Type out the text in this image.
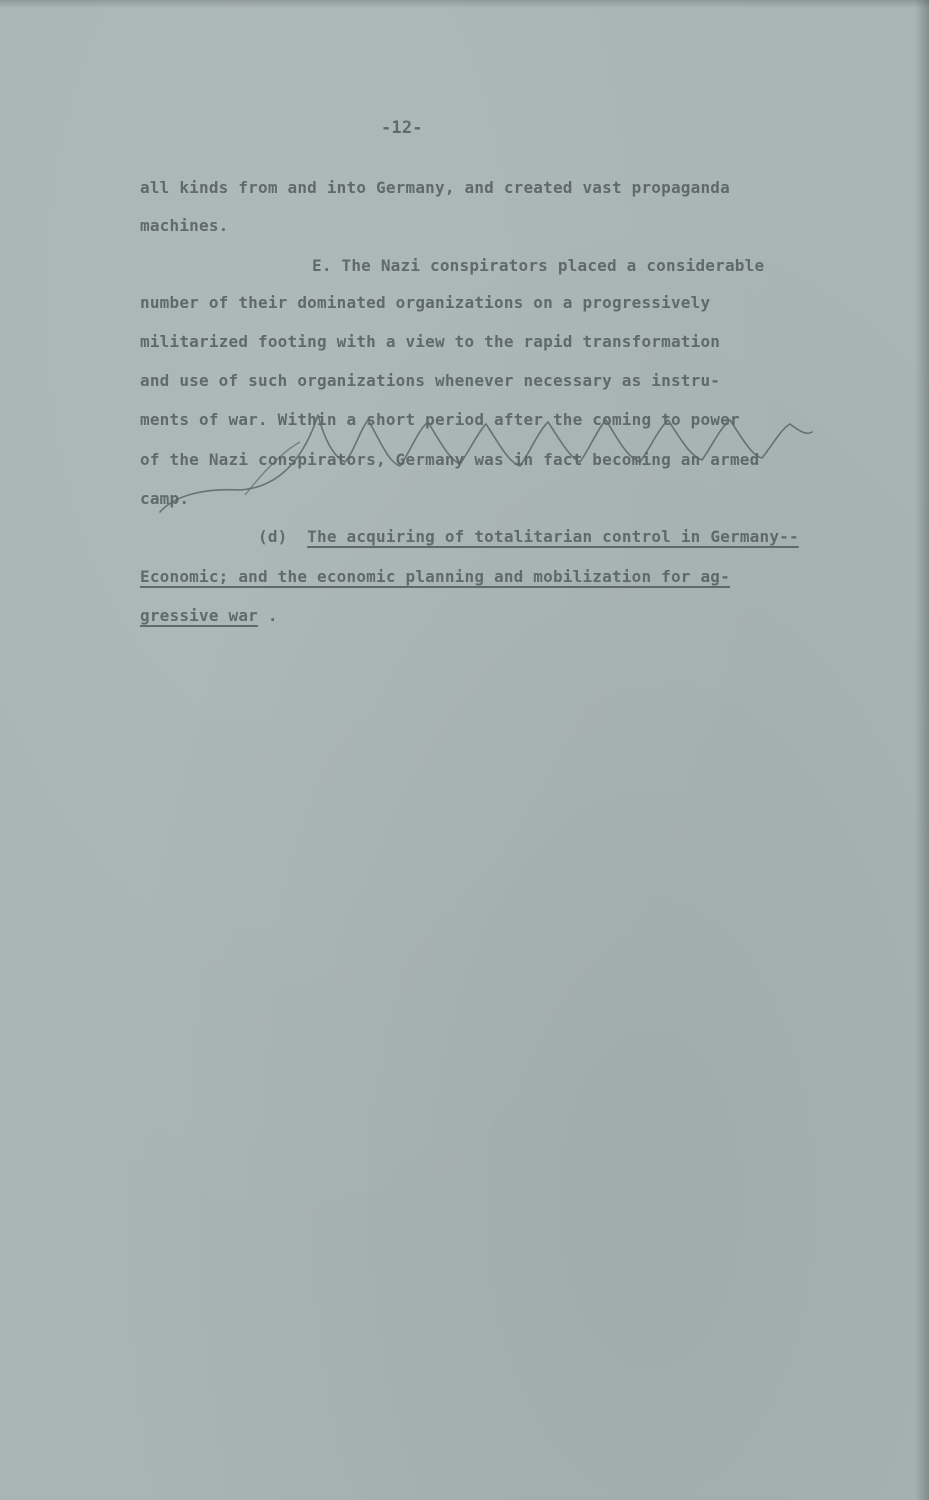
-12-
all kinds from and into Germany, and created vast propaganda
machines.
E. The Nazi conspirators placed a considerable
number of their dominated organizations on a progressively
militarized footing with a view to the rapid transformation
and use of such organizations whenever necessary as instru-
ments of war. Within a short period after the coming to power
of the Nazi conspirators, Germany was in fact becoming an armed
camp.
(d) The acquiring of totalitarian control in Germany--
Economic; and the economic planning and mobilization for ag-
gressive war .
